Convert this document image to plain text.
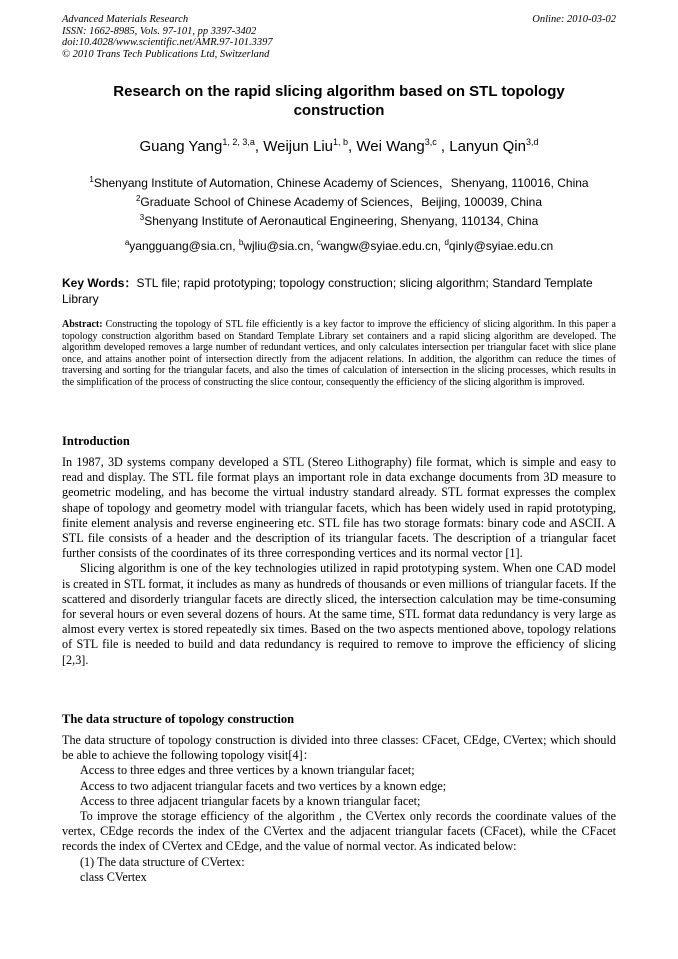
Advanced Materials Research
ISSN: 1662-8985, Vols. 97-101, pp 3397-3402
doi:10.4028/www.scientific.net/AMR.97-101.3397
© 2010 Trans Tech Publications Ltd, Switzerland
Online: 2010-03-02
Research on the rapid slicing algorithm based on STL topology
construction
Guang Yang$^{1, 2, 3,a}$, Weijun Liu$^{1, b}$, Wei Wang$^{3,c}$ , Lanyun Qin$^{3,d}$
$^1$Shenyang Institute of Automation, Chinese Academy of Sciences，Shenyang, 110016, China
$^2$Graduate School of Chinese Academy of Sciences，Beijing, 100039, China
$^3$Shenyang Institute of Aeronautical Engineering, Shenyang, 110134, China
$^a$yangguang@sia.cn, $^b$wjliu@sia.cn, $^c$wangw@syiae.edu.cn, $^d$qinly@syiae.edu.cn
Key Words：STL file; rapid prototyping; topology construction; slicing algorithm; Standard Template Library
Abstract: Constructing the topology of STL file efficiently is a key factor to improve the efficiency of slicing algorithm. In this paper a topology construction algorithm based on Standard Template Library set containers and a rapid slicing algorithm are developed. The algorithm developed removes a large number of redundant vertices, and only calculates intersection per triangular facet with slice plane once, and attains another point of intersection directly from the adjacent relations. In addition, the algorithm can reduce the times of traversing and sorting for the triangular facets, and also the times of calculation of intersection in the slicing processes, which results in the simplification of the process of constructing the slice contour, consequently the efficiency of the slicing algorithm is improved.
Introduction

In 1987, 3D systems company developed a STL (Stereo Lithography) file format, which is simple and easy to read and display. The STL file format plays an important role in data exchange documents from 3D measure to geometric modeling, and has become the virtual industry standard already. STL format expresses the complex shape of topology and geometry model with triangular facets, which has been widely used in rapid prototyping, finite element analysis and reverse engineering etc. STL file has two storage formats: binary code and ASCII. A STL file consists of a header and the description of its triangular facets. The description of a triangular facet further consists of the coordinates of its three corresponding vertices and its normal vector [1].

Slicing algorithm is one of the key technologies utilized in rapid prototyping system. When one CAD model is created in STL format, it includes as many as hundreds of thousands or even millions of triangular facets. If the scattered and disorderly triangular facets are directly sliced, the intersection calculation may be time-consuming for several hours or even several dozens of hours. At the same time, STL format data redundancy is very large as almost every vertex is stored repeatedly six times. Based on the two aspects mentioned above, topology relations of STL file is needed to build and data redundancy is required to remove to improve the efficiency of slicing [2,3].

The data structure of topology construction

The data structure of topology construction is divided into three classes: CFacet, CEdge, CVertex; which should be able to achieve the following topology visit[4]：

Access to three edges and three vertices by a known triangular facet;

Access to two adjacent triangular facets and two vertices by a known edge;

Access to three adjacent triangular facets by a known triangular facet;

To improve the storage efficiency of the algorithm , the CVertex only records the coordinate values of the vertex, CEdge records the index of the CVertex and the adjacent triangular facets (CFacet), while the CFacet records the index of CVertex and CEdge, and the value of normal vector. As indicated below:

(1) The data structure of CVertex:

class CVertex
